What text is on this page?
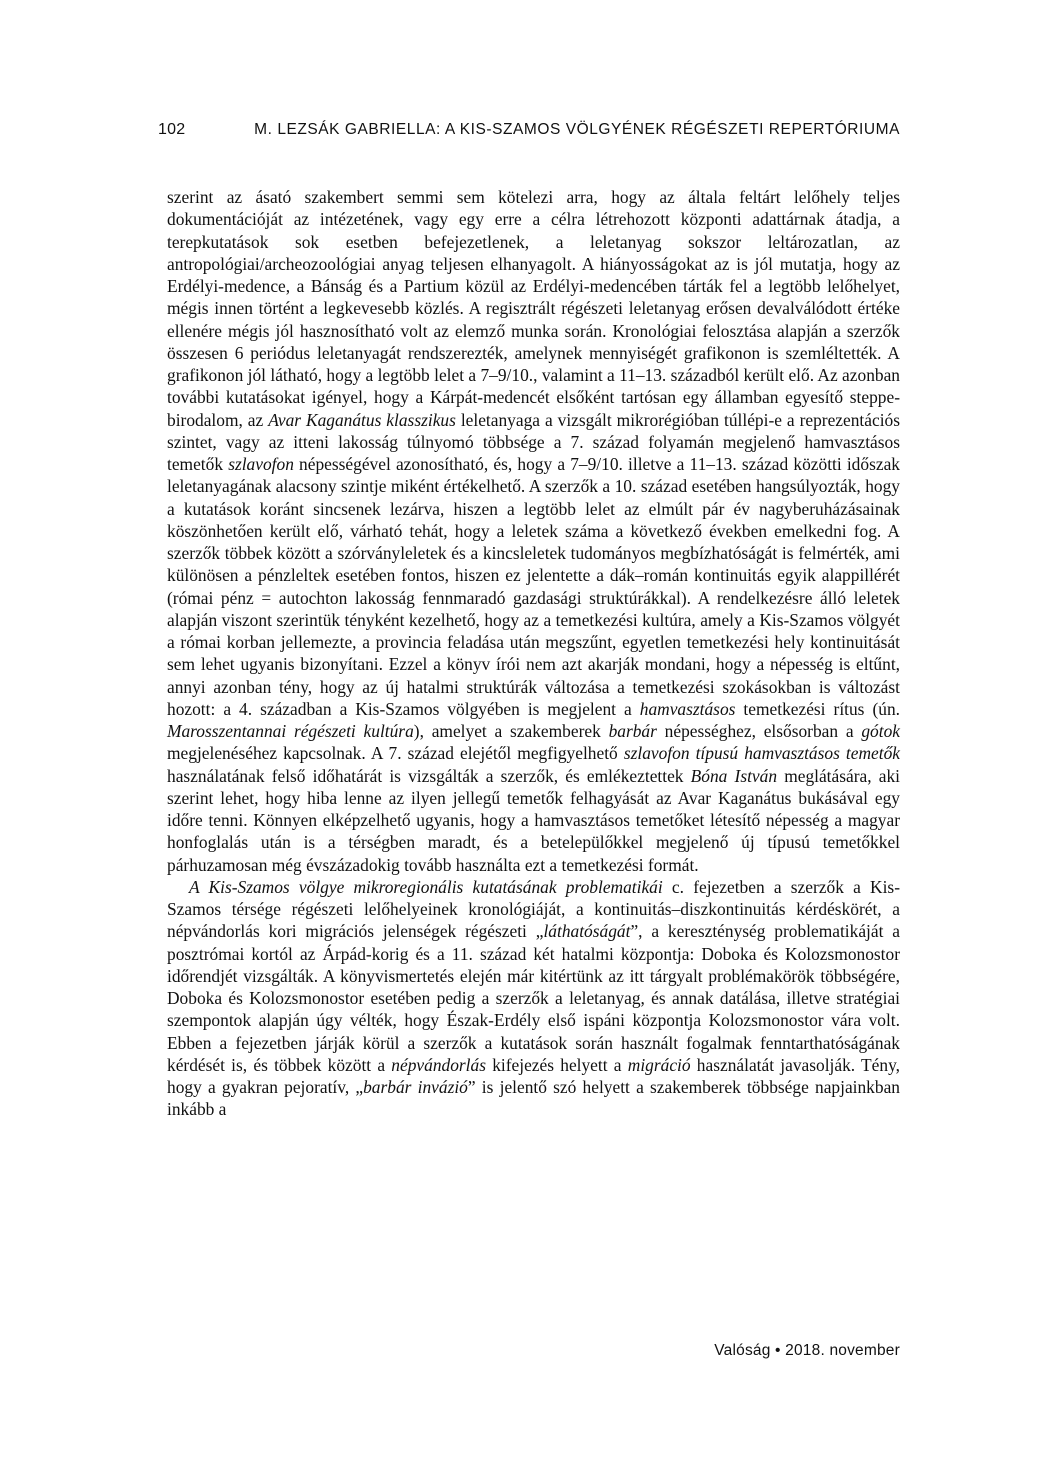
102	M. LEZSÁK GABRIELLA: A KIS-SZAMOS VÖLGYÉNEK RÉGÉSZETI REPERTÓRIUMA

szerint az ásató szakembert semmi sem kötelezi arra, hogy az általa feltárt lelőhely teljes dokumentációját az intézetének, vagy egy erre a célra létrehozott központi adattárnak átadja, a terepkutatások sok esetben befejezetlenek, a leletanyag sokszor leltározatlan, az antropológiai/archeozoológiai anyag teljesen elhanyagolt. A hiányosságokat az is jól mutatja, hogy az Erdélyi-medence, a Bánság és a Partium közül az Erdélyi-medencében tárták fel a legtöbb lelőhelyet, mégis innen történt a legkevesebb közlés. A regisztrált régészeti leletanyag erősen devalválódott értéke ellenére mégis jól hasznosítható volt az elemző munka során. Kronológiai felosztása alapján a szerzők összesen 6 periódus leletanyagát rendszerezték, amelynek mennyiségét grafikonon is szemléltették. A grafikonon jól látható, hogy a legtöbb lelet a 7–9/10., valamint a 11–13. századból került elő. Az azonban további kutatásokat igényel, hogy a Kárpát-medencét elsőként tartósan egy államban egyesítő steppe-birodalom, az Avar Kaganátus klasszikus leletanyaga a vizsgált mikrorégióban túllépi-e a reprezentációs szintet, vagy az itteni lakosság túlnyomó többsége a 7. század folyamán megjelenő hamvasztásos temetők szlavofon népességével azonosítható, és, hogy a 7–9/10. illetve a 11–13. század közötti időszak leletanyagának alacsony szintje miként értékelhető. A szerzők a 10. század esetében hangsúlyozták, hogy a kutatások koránt sincsenek lezárva, hiszen a legtöbb lelet az elmúlt pár év nagyberuházásainak köszönhetően került elő, várható tehát, hogy a leletek száma a következő években emelkedni fog. A szerzők többek között a szórványleletek és a kincsleletek tudományos megbízhatóságát is felmérték, ami különösen a pénzleltek esetében fontos, hiszen ez jelentette a dák–román kontinuitás egyik alappillérét (római pénz = autochton lakosság fennmaradó gazdasági struktúrákkal). A rendelkezésre álló leletek alapján viszont szerintük tényként kezelhető, hogy az a temetkezési kultúra, amely a Kis-Szamos völgyét a római korban jellemezte, a provincia feladása után megszűnt, egyetlen temetkezési hely kontinuitását sem lehet ugyanis bizonyítani. Ezzel a könyv írói nem azt akarják mondani, hogy a népesség is eltűnt, annyi azonban tény, hogy az új hatalmi struktúrák változása a temetkezési szokásokban is változást hozott: a 4. században a Kis-Szamos völgyében is megjelent a hamvasztásos temetkezési rítus (ún. Marosszentannai régészeti kultúra), amelyet a szakemberek barbár népességhez, elsősorban a gótok megjelenéséhez kapcsolnak. A 7. század elejétől megfigyelhető szlavofon típusú hamvasztásos temetők használatának felső időhatárát is vizsgálták a szerzők, és emlékeztettek Bóna István meglátására, aki szerint lehet, hogy hiba lenne az ilyen jellegű temetők felhagyását az Avar Kaganátus bukásával egy időre tenni. Könnyen elképzelhető ugyanis, hogy a hamvasztásos temetőket létesítő népesség a magyar honfoglalás után is a térségben maradt, és a betelepülőkkel megjelenő új típusú temetőkkel párhuzamosan még évszázadokig tovább használta ezt a temetkezési formát.

A Kis-Szamos völgye mikroregionális kutatásának problematikái c. fejezetben a szerzők a Kis-Szamos térsége régészeti lelőhelyeinek kronológiáját, a kontinuitás–diszkontinuitás kérdéskörét, a népvándorlás kori migrációs jelenségek régészeti „láthatóságát”, a kereszténység problematikáját a posztrómai kortól az Árpád-korig és a 11. század két hatalmi központja: Doboka és Kolozsmonostor időrendjét vizsgálták. A könyvismertetés elején már kitértünk az itt tárgyalt problémakörök többségére, Doboka és Kolozsmonostor esetében pedig a szerzők a leletanyag, és annak datálása, illetve stratégiai szempontok alapján úgy vélték, hogy Észak-Erdély első ispáni központja Kolozsmonostor vára volt. Ebben a fejezetben járják körül a szerzők a kutatások során használt fogalmak fenntarthatóságának kérdését is, és többek között a népvándorlás kifejezés helyett a migráció használatát javasolják. Tény, hogy a gyakran pejoratív, „barbár invázió” is jelentő szó helyett a szakemberek többsége napjainkban inkább a

Valóság • 2018. november
